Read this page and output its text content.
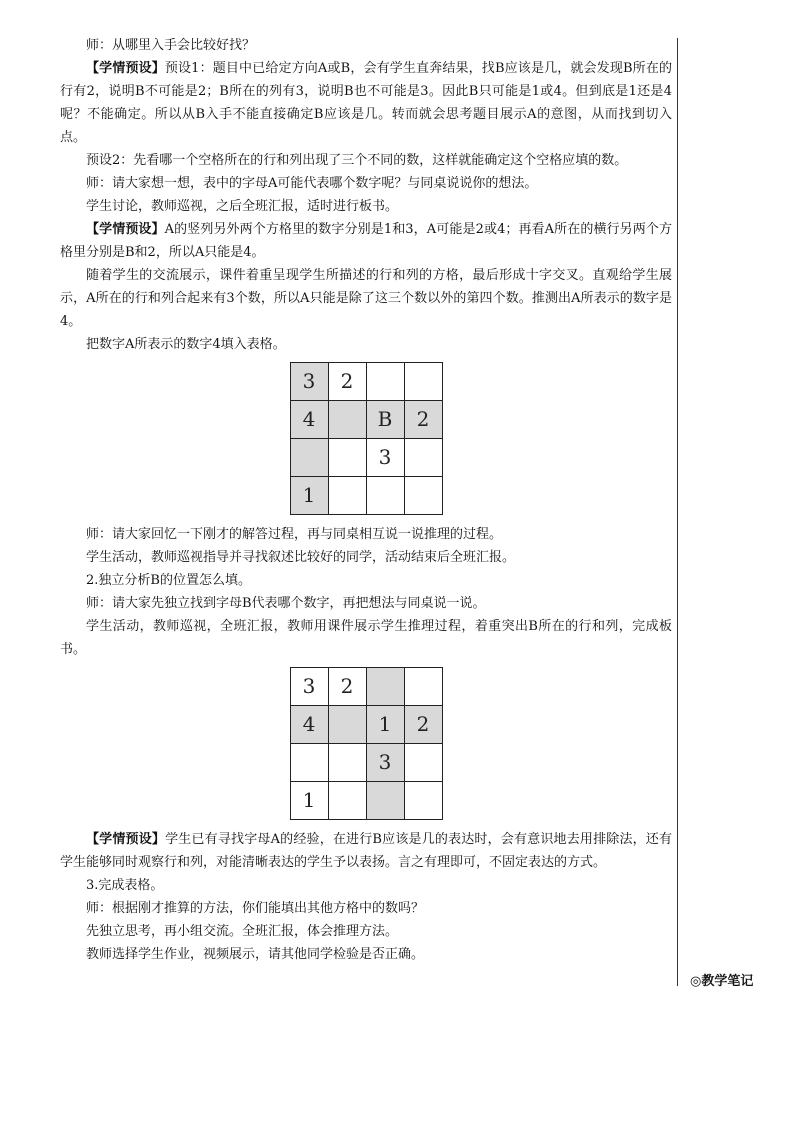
师：从哪里入手会比较好找？

【学情预设】预设1：题目中已给定方向A或B，会有学生直奔结果，找B应该是几，就会发现B所在的行有2，说明B不可能是2；B所在的列有3，说明B也不可能是3。因此B只可能是1或4。但到底是1还是4呢？不能确定。所以从B入手不能直接确定B应该是几。转而就会思考题目展示A的意图，从而找到切入点。

预设2：先看哪一个空格所在的行和列出现了三个不同的数，这样就能确定这个空格应填的数。

师：请大家想一想，表中的字母A可能代表哪个数字呢？与同桌说说你的想法。

学生讨论，教师巡视，之后全班汇报，适时进行板书。

【学情预设】A的竖列另外两个方格里的数字分别是1和3，A可能是2或4；再看A所在的横行另两个方格里分别是B和2，所以A只能是4。

随着学生的交流展示，课件着重呈现学生所描述的行和列的方格，最后形成十字交叉。直观给学生展示，A所在的行和列合起来有3个数，所以A只能是除了这三个数以外的第四个数。推测出A所表示的数字是4。

把数字A所表示的数字4填入表格。

3	2		
4		B	2
		3	
1			

师：请大家回忆一下刚才的解答过程，再与同桌相互说一说推理的过程。

学生活动，教师巡视指导并寻找叙述比较好的同学，活动结束后全班汇报。

2.独立分析B的位置怎么填。

师：请大家先独立找到字母B代表哪个数字，再把想法与同桌说一说。

学生活动，教师巡视，全班汇报，教师用课件展示学生推理过程，着重突出B所在的行和列，完成板书。

3	2		
4		1	2
		3	
1			

【学情预设】学生已有寻找字母A的经验，在进行B应该是几的表达时，会有意识地去用排除法，还有学生能够同时观察行和列，对能清晰表达的学生予以表扬。言之有理即可，不固定表达的方式。

3.完成表格。

师：根据刚才推算的方法，你们能填出其他方格中的数吗？

先独立思考，再小组交流。全班汇报，体会推理方法。

教师选择学生作业，视频展示，请其他同学检验是否正确。

◎教学笔记
